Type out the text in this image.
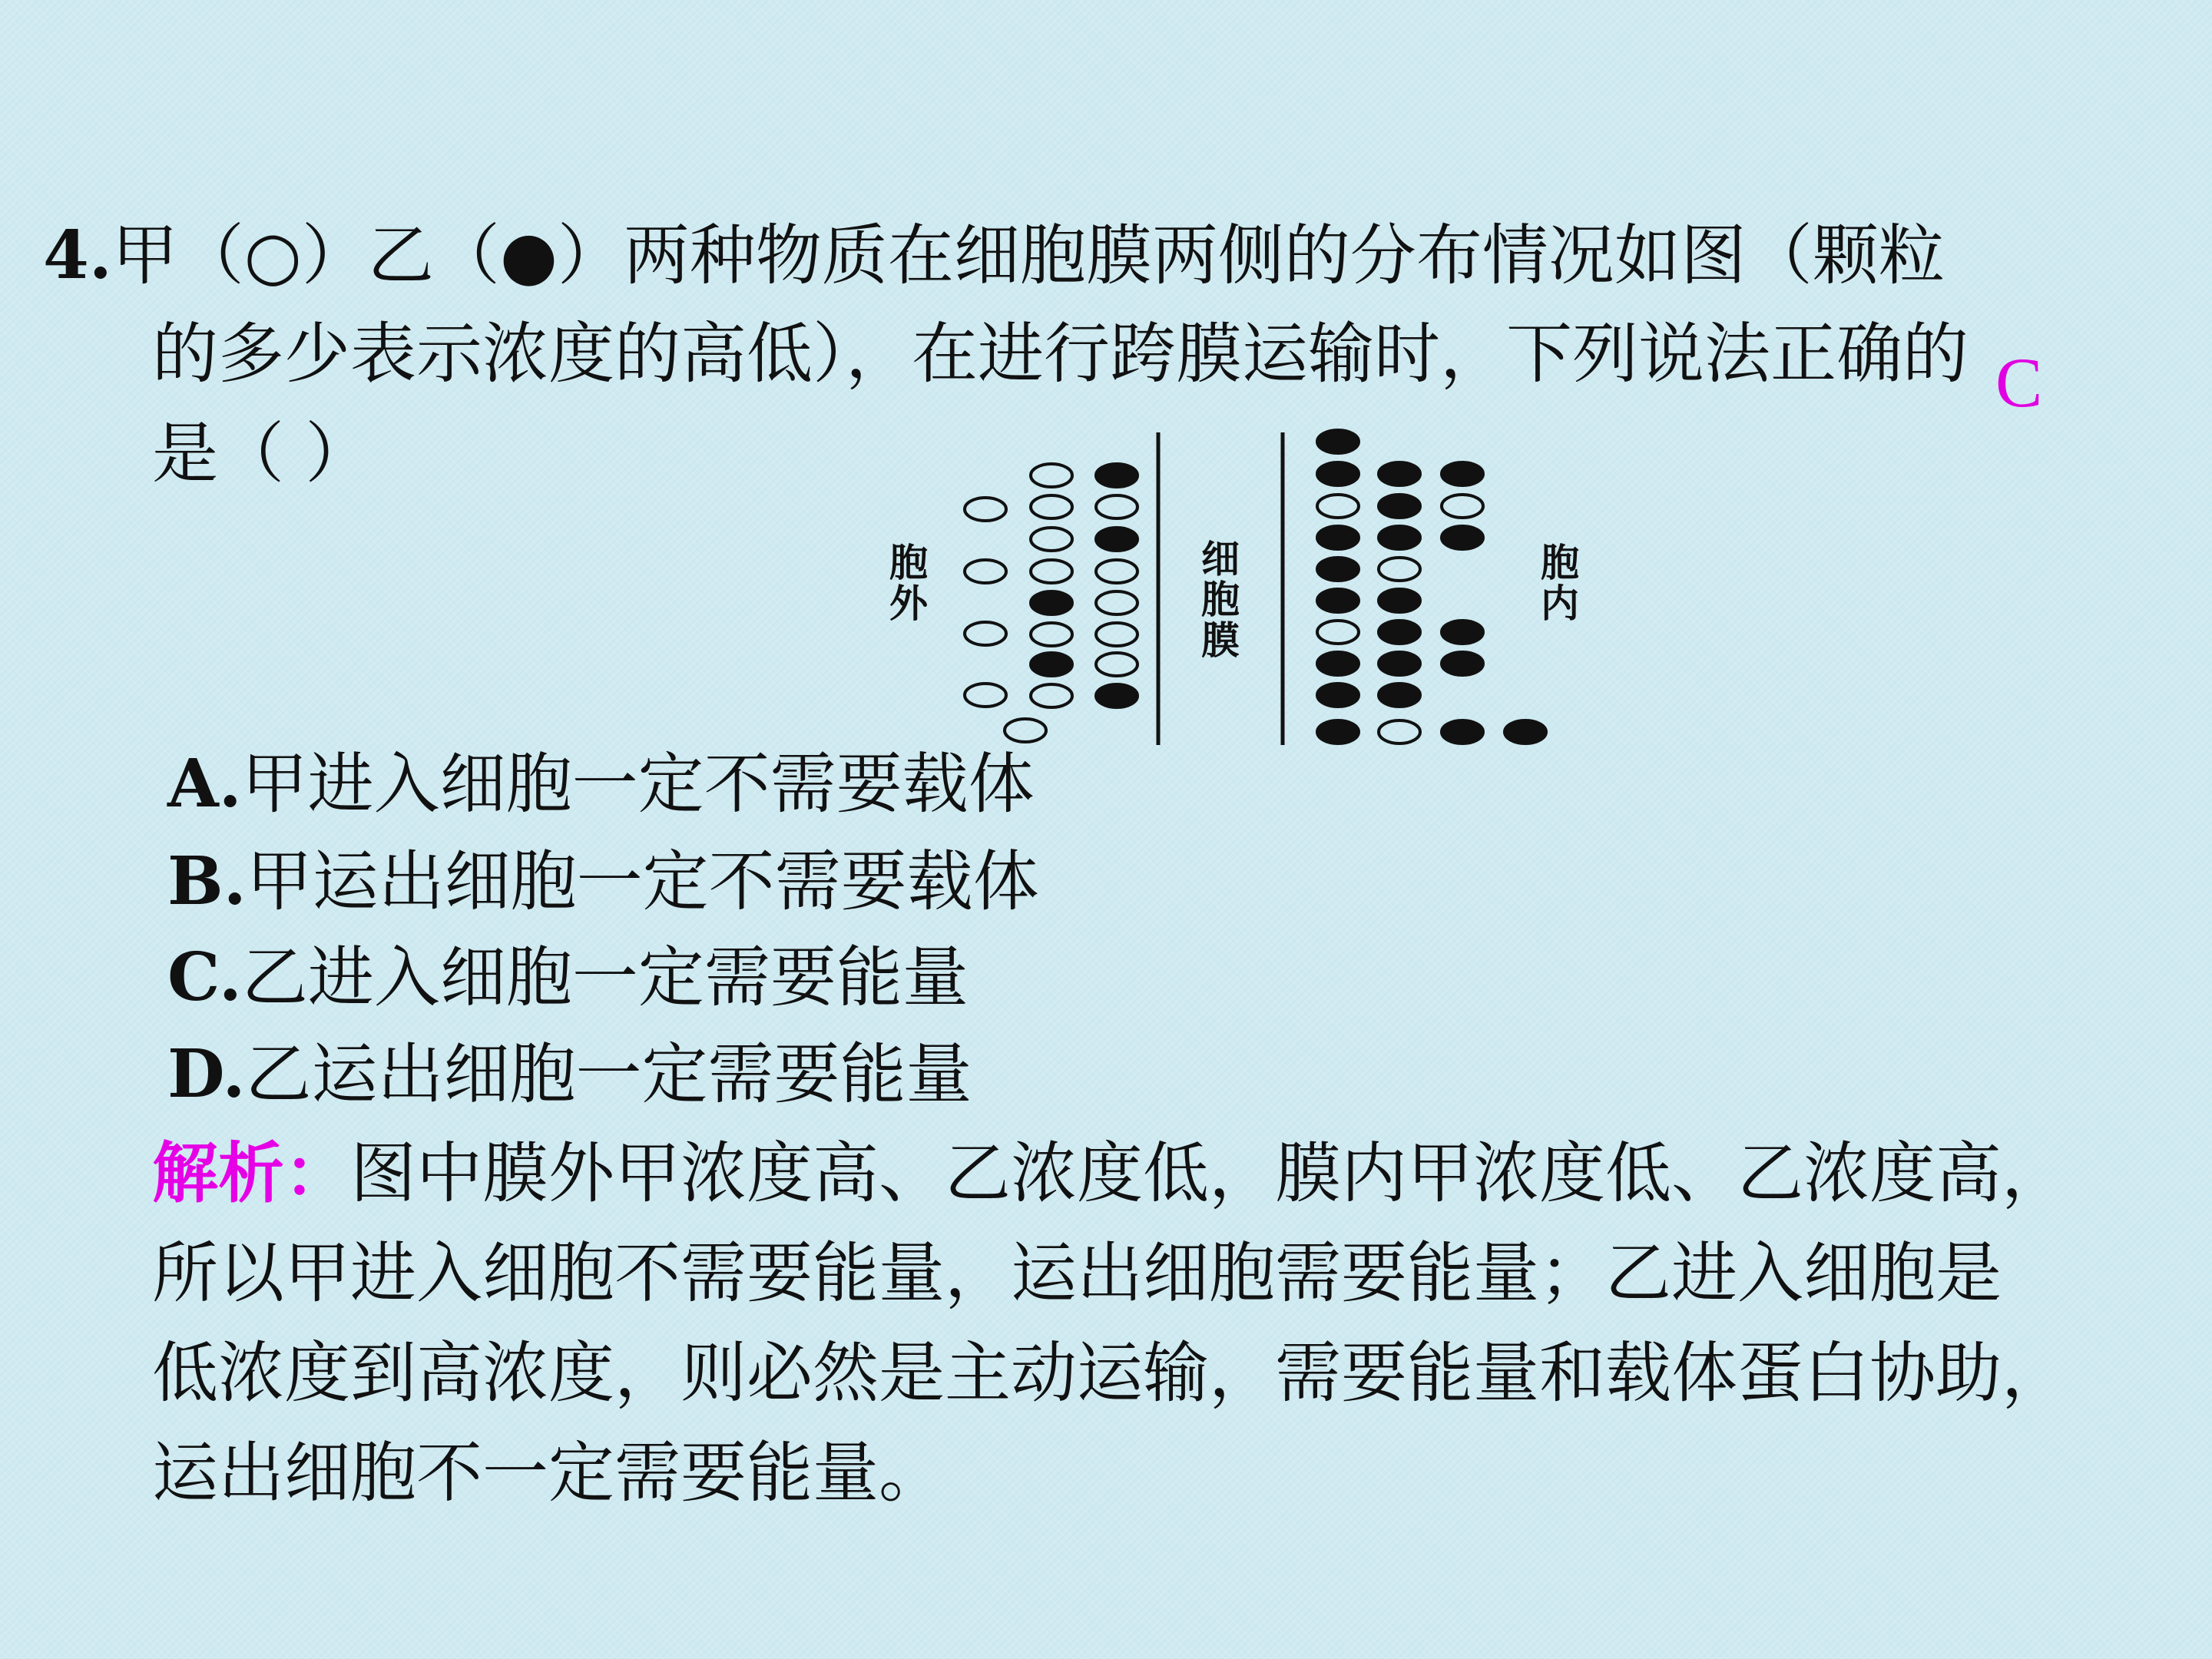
4.甲（○）乙（●）两种物质在细胞膜两侧的分布情况如图（颗粒
的多少表示浓度的高低），在进行跨膜运输时，下列说法正确的
是（ ）
C
胞
外
细
胞
膜
胞
内
A.甲进入细胞一定不需要载体
B.甲运出细胞一定不需要载体
C.乙进入细胞一定需要能量
D.乙运出细胞一定需要能量
解析：图中膜外甲浓度高、乙浓度低，膜内甲浓度低、乙浓度高，
所以甲进入细胞不需要能量，运出细胞需要能量；乙进入细胞是
低浓度到高浓度，则必然是主动运输，需要能量和载体蛋白协助，
运出细胞不一定需要能量。
